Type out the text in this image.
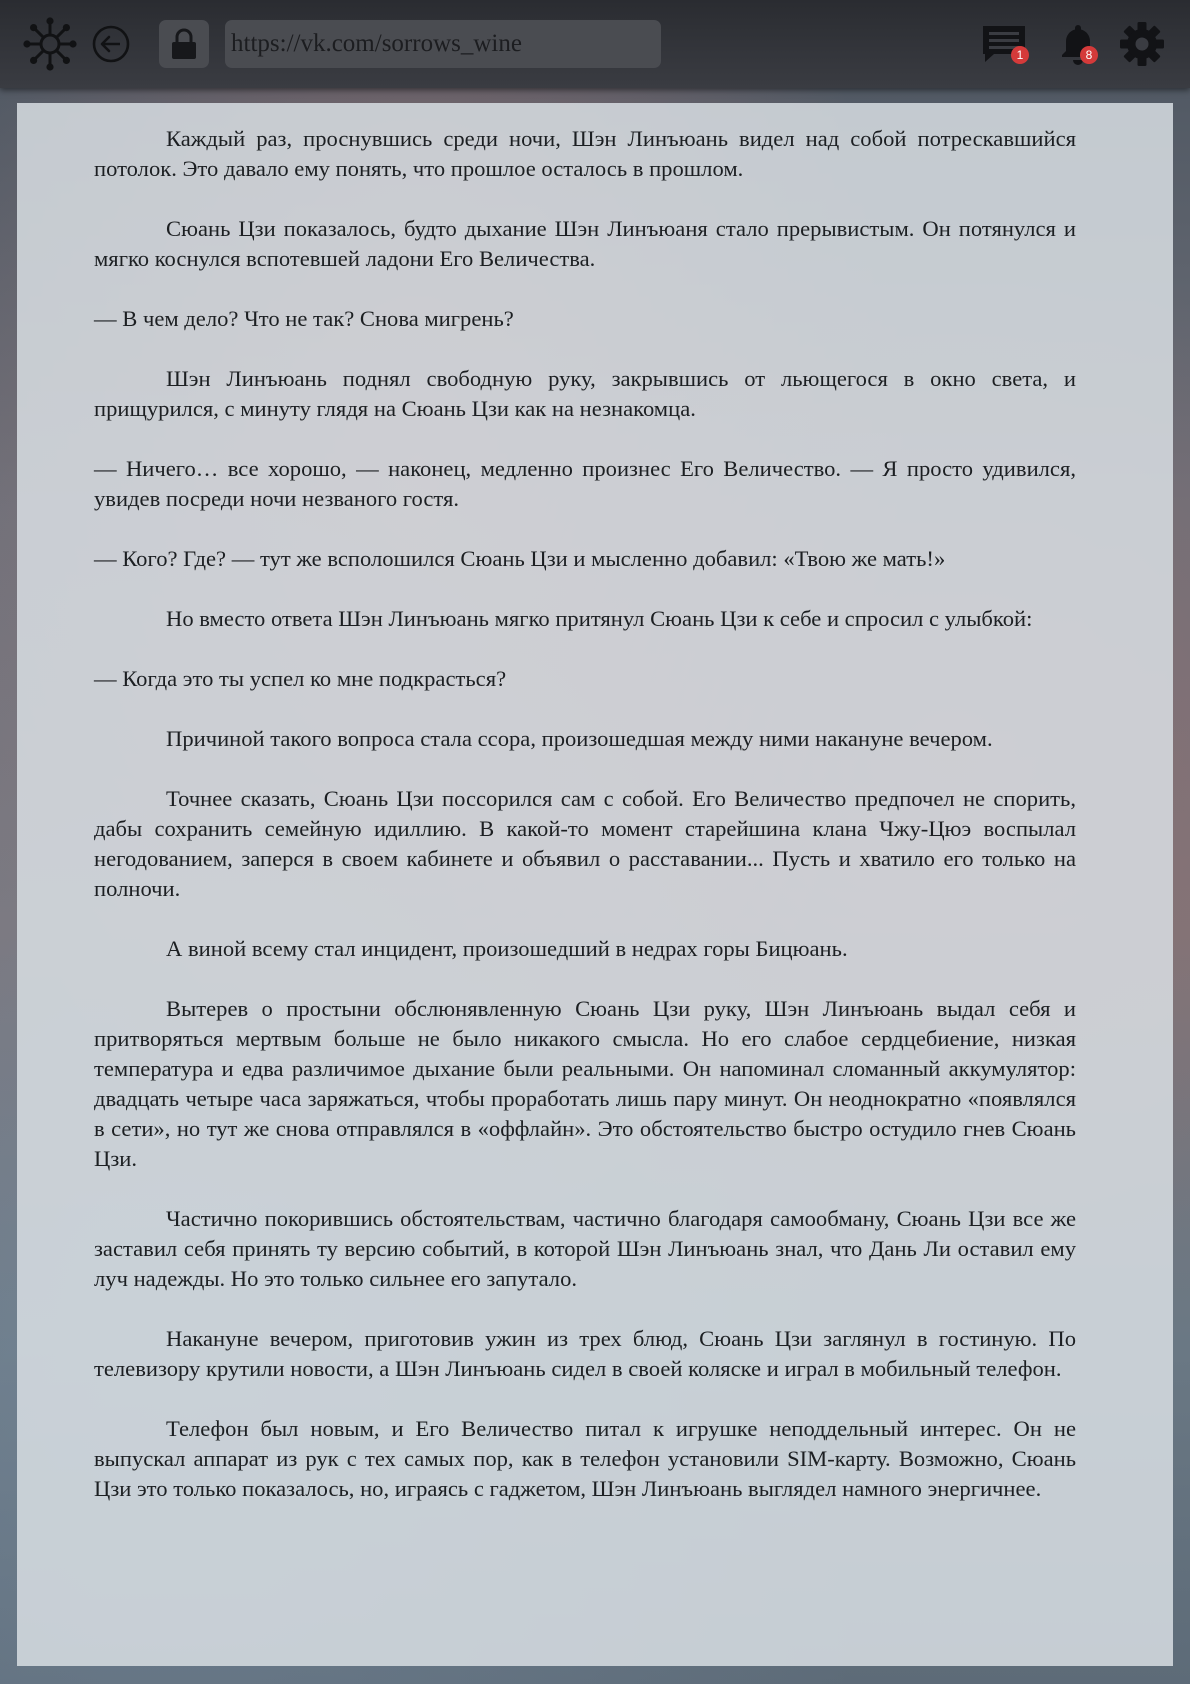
https://vk.com/sorrows_wine	1	8

Каждый раз, проснувшись среди ночи, Шэн Линъюань видел над собой потрескавшийся потолок. Это давало ему понять, что прошлое осталось в прошлом.

Сюань Цзи показалось, будто дыхание Шэн Линъюаня стало прерывистым. Он потянулся и мягко коснулся вспотевшей ладони Его Величества.

— В чем дело? Что не так? Снова мигрень?

Шэн Линъюань поднял свободную руку, закрывшись от льющегося в окно света, и прищурился, с минуту глядя на Сюань Цзи как на незнакомца.

— Ничего… все хорошо, — наконец, медленно произнес Его Величество. — Я просто удивился, увидев посреди ночи незваного гостя.

— Кого? Где? — тут же всполошился Сюань Цзи и мысленно добавил: «Твою же мать!»

Но вместо ответа Шэн Линъюань мягко притянул Сюань Цзи к себе и спросил с улыбкой:

— Когда это ты успел ко мне подкрасться?

Причиной такого вопроса стала ссора, произошедшая между ними накануне вечером.

Точнее сказать, Сюань Цзи поссорился сам с собой. Его Величество предпочел не спорить, дабы сохранить семейную идиллию. В какой-то момент старейшина клана Чжу-Цюэ воспылал негодованием, заперся в своем кабинете и объявил о расставании... Пусть и хватило его только на полночи.

А виной всему стал инцидент, произошедший в недрах горы Бицюань.

Вытерев о простыни обслюнявленную Сюань Цзи руку, Шэн Линъюань выдал себя и притворяться мертвым больше не было никакого смысла. Но его слабое сердцебиение, низкая температура и едва различимое дыхание были реальными. Он напоминал сломанный аккумулятор: двадцать четыре часа заряжаться, чтобы проработать лишь пару минут. Он неоднократно «появлялся в сети», но тут же снова отправлялся в «оффлайн». Это обстоятельство быстро остудило гнев Сюань Цзи.

Частично покорившись обстоятельствам, частично благодаря самообману, Сюань Цзи все же заставил себя принять ту версию событий, в которой Шэн Линъюань знал, что Дань Ли оставил ему луч надежды. Но это только сильнее его запутало.

Накануне вечером, приготовив ужин из трех блюд, Сюань Цзи заглянул в гостиную. По телевизору крутили новости, а Шэн Линъюань сидел в своей коляске и играл в мобильный телефон.

Телефон был новым, и Его Величество питал к игрушке неподдельный интерес. Он не выпускал аппарат из рук с тех самых пор, как в телефон установили SIM-карту. Возможно, Сюань Цзи это только показалось, но, играясь с гаджетом, Шэн Линъюань выглядел намного энергичнее.
